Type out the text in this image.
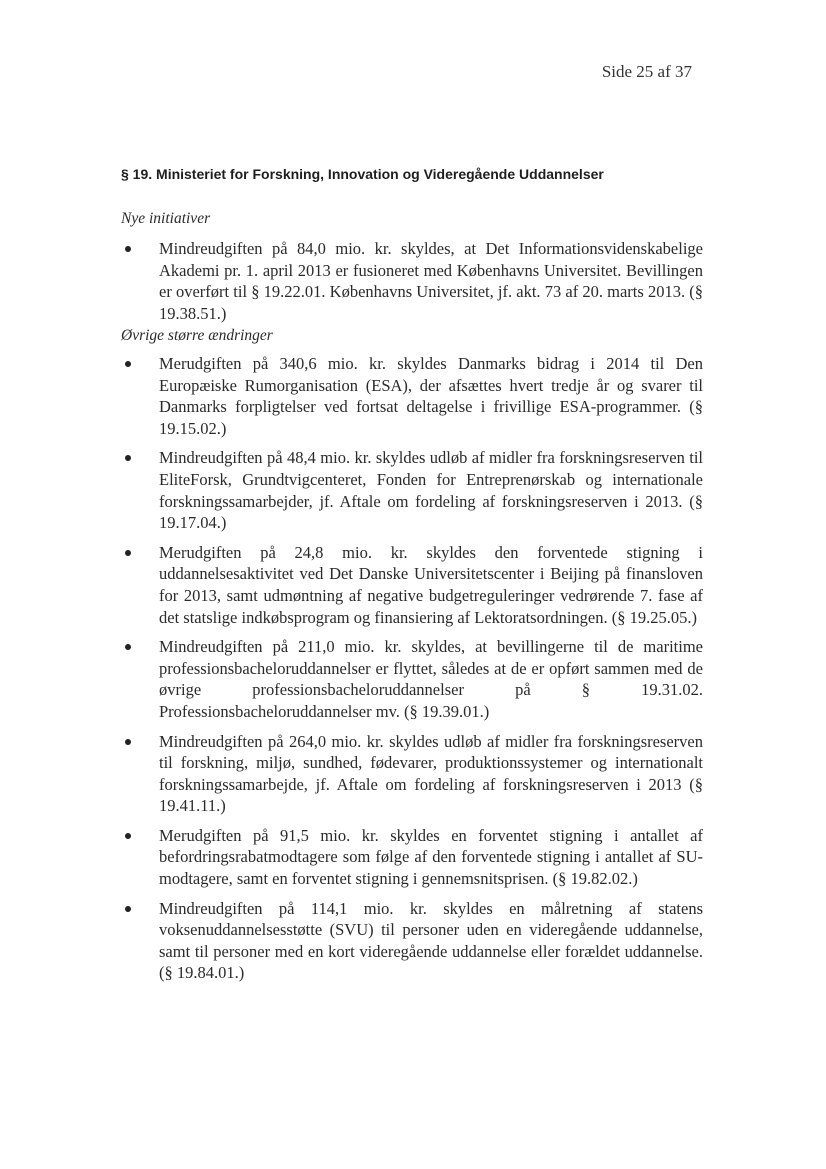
Side 25 af 37
§ 19. Ministeriet for Forskning, Innovation og Videregående Uddannelser

Nye initiativer

Mindreudgiften på 84,0 mio. kr. skyldes, at Det Informationsvidenskabelige Akademi pr. 1. april 2013 er fusioneret med Københavns Universitet. Bevillingen er overført til § 19.22.01. Københavns Universitet, jf. akt. 73 af 20. marts 2013. (§ 19.38.51.)

Øvrige større ændringer

Merudgiften på 340,6 mio. kr. skyldes Danmarks bidrag i 2014 til Den Europæiske Rumorganisation (ESA), der afsættes hvert tredje år og svarer til Danmarks forpligtelser ved fortsat deltagelse i frivillige ESA-programmer. (§ 19.15.02.)
Mindreudgiften på 48,4 mio. kr. skyldes udløb af midler fra forskningsreserven til EliteForsk, Grundtvigcenteret, Fonden for Entreprenørskab og internationale forskningssamarbejder, jf. Aftale om fordeling af forskningsreserven i 2013. (§ 19.17.04.)
Merudgiften på 24,8 mio. kr. skyldes den forventede stigning i uddannelsesaktivitet ved Det Danske Universitetscenter i Beijing på finansloven for 2013, samt udmøntning af negative budgetreguleringer vedrørende 7. fase af det statslige indkøbsprogram og finansiering af Lektoratsordningen. (§ 19.25.05.)
Mindreudgiften på 211,0 mio. kr. skyldes, at bevillingerne til de maritime professionsbacheloruddannelser er flyttet, således at de er opført sammen med de øvrige professionsbacheloruddannelser på § 19.31.02. Professionsbacheloruddannelser mv. (§ 19.39.01.)
Mindreudgiften på 264,0 mio. kr. skyldes udløb af midler fra forskningsreserven til forskning, miljø, sundhed, fødevarer, produktionssystemer og internationalt forskningssamarbejde, jf. Aftale om fordeling af forskningsreserven i 2013 (§ 19.41.11.)
Merudgiften på 91,5 mio. kr. skyldes en forventet stigning i antallet af befordringsrabatmodtagere som følge af den forventede stigning i antallet af SU-modtagere, samt en forventet stigning i gennemsnitsprisen. (§ 19.82.02.)
Mindreudgiften på 114,1 mio. kr. skyldes en målretning af statens voksenuddannelsesstøtte (SVU) til personer uden en videregående uddannelse, samt til personer med en kort videregående uddannelse eller forældet uddannelse. (§ 19.84.01.)
